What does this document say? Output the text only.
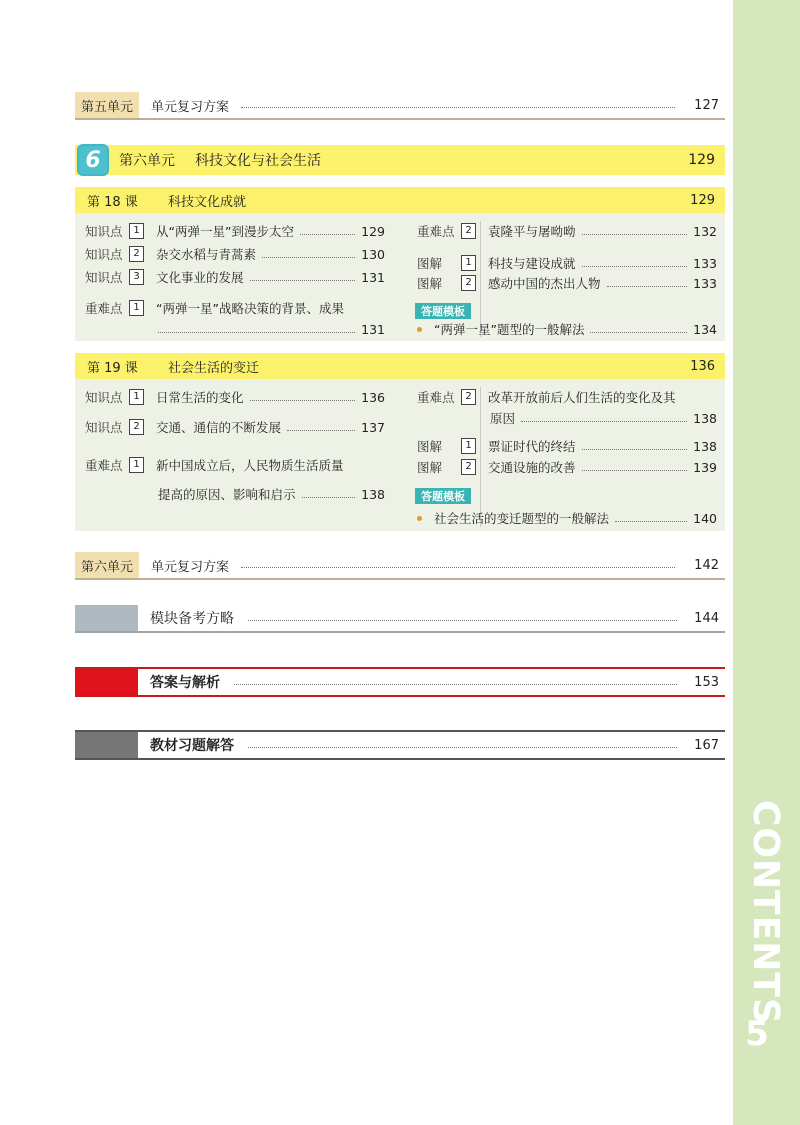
CONTENTS
5
第五单元	单元复习方案	127
6	第六单元 科技文化与社会生活	129
第 18 课	科技文化成就	129
知识点	1	从“两弹一星”到漫步太空	129
知识点	2	杂交水稻与青蒿素	130
知识点	3	文化事业的发展	131
重难点	1	“两弹一星”战略决策的背景、成果
131
重难点	2	袁隆平与屠呦呦	132
图解	1	科技与建设成就	133
图解	2	感动中国的杰出人物	133
答题模板
“两弹一星”题型的一般解法	134
第 19 课	社会生活的变迁	136
知识点	1	日常生活的变化	136
知识点	2	交通、通信的不断发展	137
重难点	1	新中国成立后，人民物质生活质量
提高的原因、影响和启示	138
重难点	2	改革开放前后人们生活的变化及其
原因	138
图解	1	票证时代的终结	138
图解	2	交通设施的改善	139
答题模板
社会生活的变迁题型的一般解法	140
第六单元	单元复习方案	142
模块备考方略	144
答案与解析	153
教材习题解答	167
